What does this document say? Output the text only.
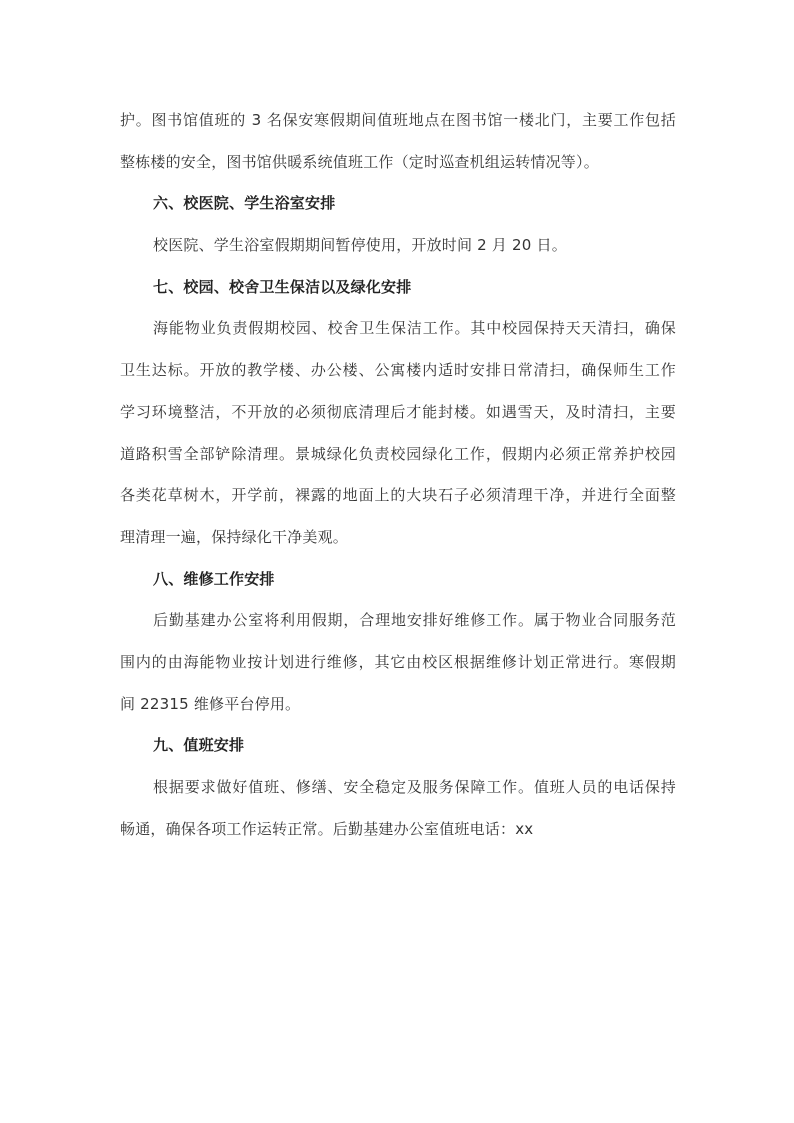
护。图书馆值班的 3 名保安寒假期间值班地点在图书馆一楼北门，主要工作包括
整栋楼的安全，图书馆供暖系统值班工作（定时巡查机组运转情况等）。
六、校医院、学生浴室安排
校医院、学生浴室假期期间暂停使用，开放时间 2 月 20 日。
七、校园、校舍卫生保洁以及绿化安排
海能物业负责假期校园、校舍卫生保洁工作。其中校园保持天天清扫，确保
卫生达标。开放的教学楼、办公楼、公寓楼内适时安排日常清扫，确保师生工作
学习环境整洁，不开放的必须彻底清理后才能封楼。如遇雪天，及时清扫，主要
道路积雪全部铲除清理。景城绿化负责校园绿化工作，假期内必须正常养护校园
各类花草树木，开学前，裸露的地面上的大块石子必须清理干净，并进行全面整
理清理一遍，保持绿化干净美观。
八、维修工作安排
后勤基建办公室将利用假期，合理地安排好维修工作。属于物业合同服务范
围内的由海能物业按计划进行维修，其它由校区根据维修计划正常进行。寒假期
间 22315 维修平台停用。
九、值班安排
根据要求做好值班、修缮、安全稳定及服务保障工作。值班人员的电话保持
畅通，确保各项工作运转正常。后勤基建办公室值班电话：xx
